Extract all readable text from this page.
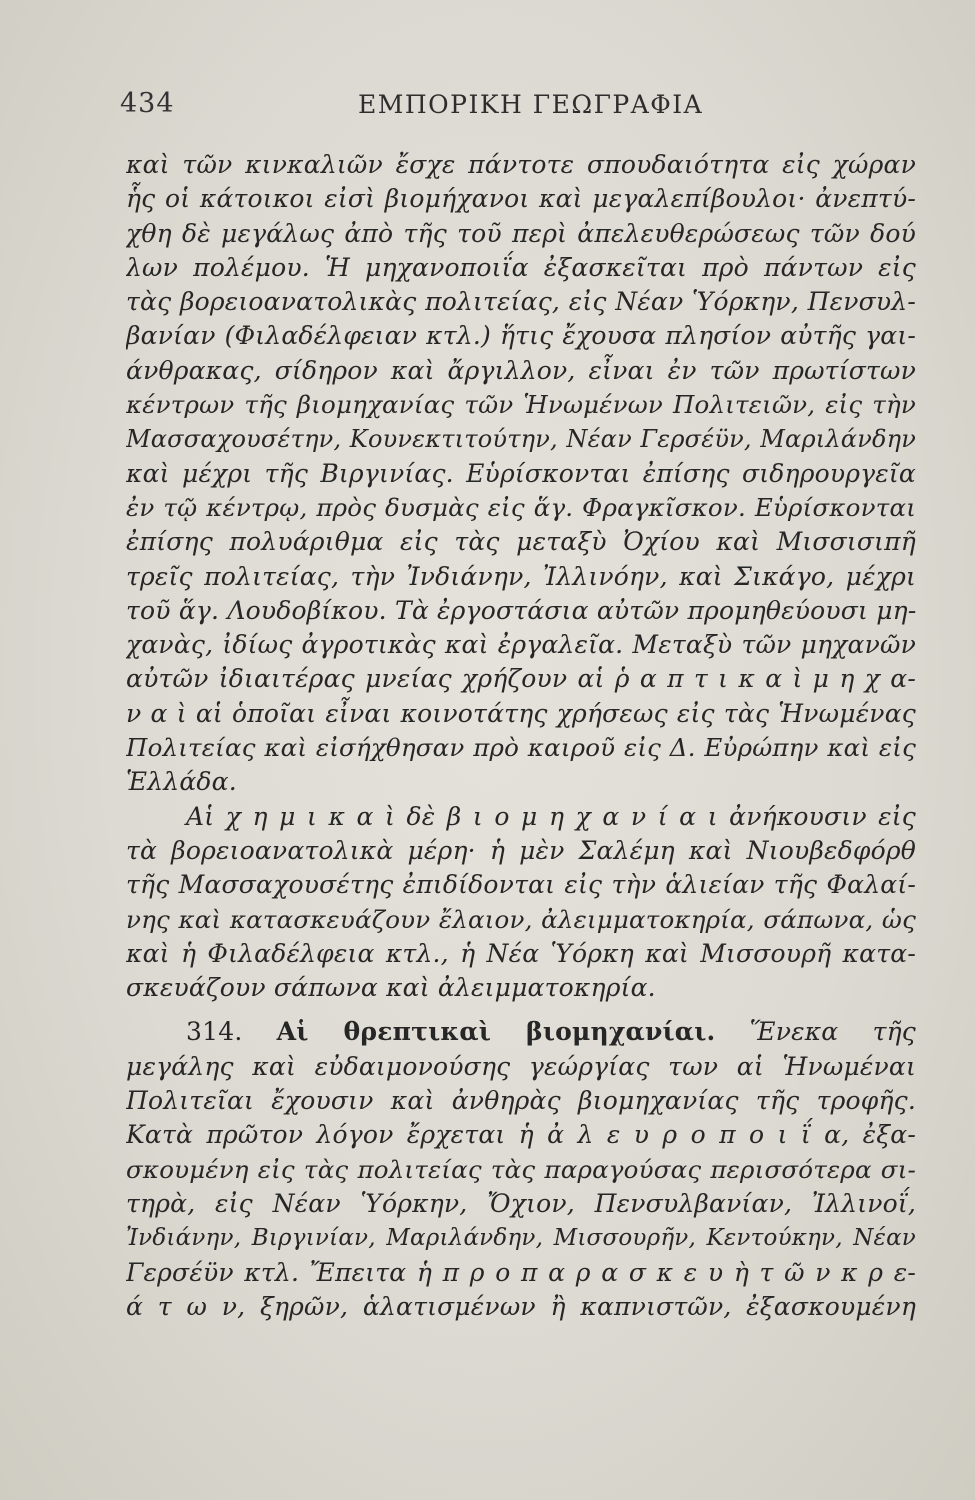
434	ΕΜΠΟΡΙΚΗ ΓΕΩΓΡΑΦΙΑ
καὶ τῶν κινκαλιῶν ἔσχε πάντοτε σπουδαιότητα εἰς χώραν
ἧς οἱ κάτοικοι εἰσὶ βιομήχανοι καὶ μεγαλεπίβουλοι· ἀνεπτύ-
χθη δὲ μεγάλως ἀπὸ τῆς τοῦ περὶ ἀπελευθερώσεως τῶν δού
λων πολέμου. Ἡ μηχανοποιΐα ἐξασκεῖται πρὸ πάντων εἰς
τὰς βορειοανατολικὰς πολιτείας, εἰς Νέαν Ὑόρκην, Πενσυλ-
βανίαν (Φιλαδέλφειαν κτλ.) ἥτις ἔχουσα πλησίον αὐτῆς γαι-
άνθρακας, σίδηρον καὶ ἄργιλλον, εἶναι ἐν τῶν πρωτίστων
κέντρων τῆς βιομηχανίας τῶν Ἡνωμένων Πολιτειῶν, εἰς τὴν
Μασσαχουσέτην, Κουνεκτιτούτην, Νέαν Γερσέϋν, Μαριλάνδην
καὶ μέχρι τῆς Βιργινίας. Εὑρίσκονται ἐπίσης σιδηρουργεῖα
ἐν τῷ κέντρῳ, πρὸς δυσμὰς εἰς ἅγ. Φραγκῖσκον. Εὑρίσκονται
ἐπίσης πολυάριθμα εἰς τὰς μεταξὺ Ὀχίου καὶ Μισσισιπῆ
τρεῖς πολιτείας, τὴν Ἰνδιάνην, Ἰλλινόην, καὶ Σικάγο, μέχρι
τοῦ ἅγ. Λουδοβίκου. Τὰ ἐργοστάσια αὐτῶν προμηθεύουσι μη-
χανὰς, ἰδίως ἀγροτικὰς καὶ ἐργαλεῖα. Μεταξὺ τῶν μηχανῶν
αὐτῶν ἰδιαιτέρας μνείας χρήζουν αἱ ῥ α π τ ι κ α ὶ μ η χ α-
ν α ὶ αἱ ὁποῖαι εἶναι κοινοτάτης χρήσεως εἰς τὰς Ἡνωμένας
Πολιτείας καὶ εἰσήχθησαν πρὸ καιροῦ εἰς Δ. Εὐρώπην καὶ εἰς
Ἑλλάδα.
Αἱ χ η μ ι κ α ὶ δὲ β ι ο μ η χ α ν ί α ι ἀνήκουσιν εἰς
τὰ βορειοανατολικὰ μέρη· ἡ μὲν Σαλέμη καὶ Νιουβεδφόρθ
τῆς Μασσαχουσέτης ἐπιδίδονται εἰς τὴν ἁλιείαν τῆς Φαλαί-
νης καὶ κατασκευάζουν ἔλαιον, ἀλειμματοκηρία, σάπωνα, ὡς
καὶ ἡ Φιλαδέλφεια κτλ., ἡ Νέα Ὑόρκη καὶ Μισσουρῆ κατα-
σκευάζουν σάπωνα καὶ ἀλειμματοκηρία.
314. Αἱ θρεπτικαὶ βιομηχανίαι. Ἕνεκα τῆς
μεγάλης καὶ εὐδαιμονούσης γεώργίας των αἱ Ἡνωμέναι
Πολιτεῖαι ἔχουσιν καὶ ἀνθηρὰς βιομηχανίας τῆς τροφῆς.
Κατὰ πρῶτον λόγον ἔρχεται ἡ ἀ λ ε υ ρ ο π ο ι ΐ α, ἐξα-
σκουμένη εἰς τὰς πολιτείας τὰς παραγούσας περισσότερα σι-
τηρὰ, εἰς Νέαν Ὑόρκην, Ὄχιον, Πενσυλβανίαν, Ἰλλινοΐ,
Ἰνδιάνην, Βιργινίαν, Μαριλάνδην, Μισσουρῆν, Κεντούκην, Νέαν
Γερσέϋν κτλ. Ἔπειτα ἡ π ρ ο π α ρ α σ κ ε υ ὴ τ ῶ ν κ ρ ε-
ά τ ω ν, ξηρῶν, ἁλατισμένων ἢ καπνιστῶν, ἐξασκουμένη
